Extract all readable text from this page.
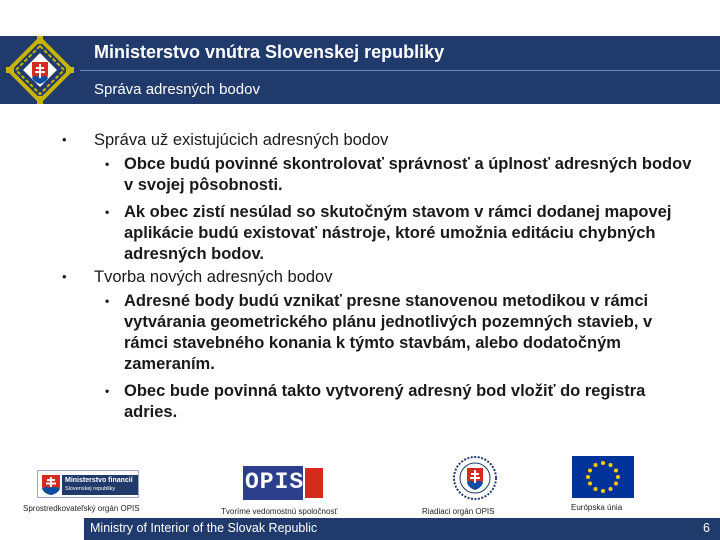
Ministerstvo vnútra Slovenskej republiky
Správa adresných bodov
• Správa už existujúcich adresných bodov
• Obce budú povinné skontrolovať správnosť a úplnosť adresných bodov v svojej pôsobnosti.
• Ak obec zistí nesúlad so skutočným stavom v rámci dodanej mapovej aplikácie budú existovať nástroje, ktoré umožnia editáciu chybných adresných bodov.
• Tvorba nových adresných bodov
• Adresné body budú vznikať presne stanovenou metodikou v rámci vytvárania geometrického plánu jednotlivých pozemných stavieb, v rámci stavebného konania k týmto stavbám, alebo dodatočným zameraním.
• Obec bude povinná takto vytvorený adresný bod vložiť do registra adries.
Ministerstvo financií
Slovenskej republiky
Sprostredkovateľský orgán OPIS
OPIS
Tvoríme vedomostnú spoločnosť	Riadiaci orgán OPIS	Európska únia
Ministry of Interior of the Slovak Republic	6
